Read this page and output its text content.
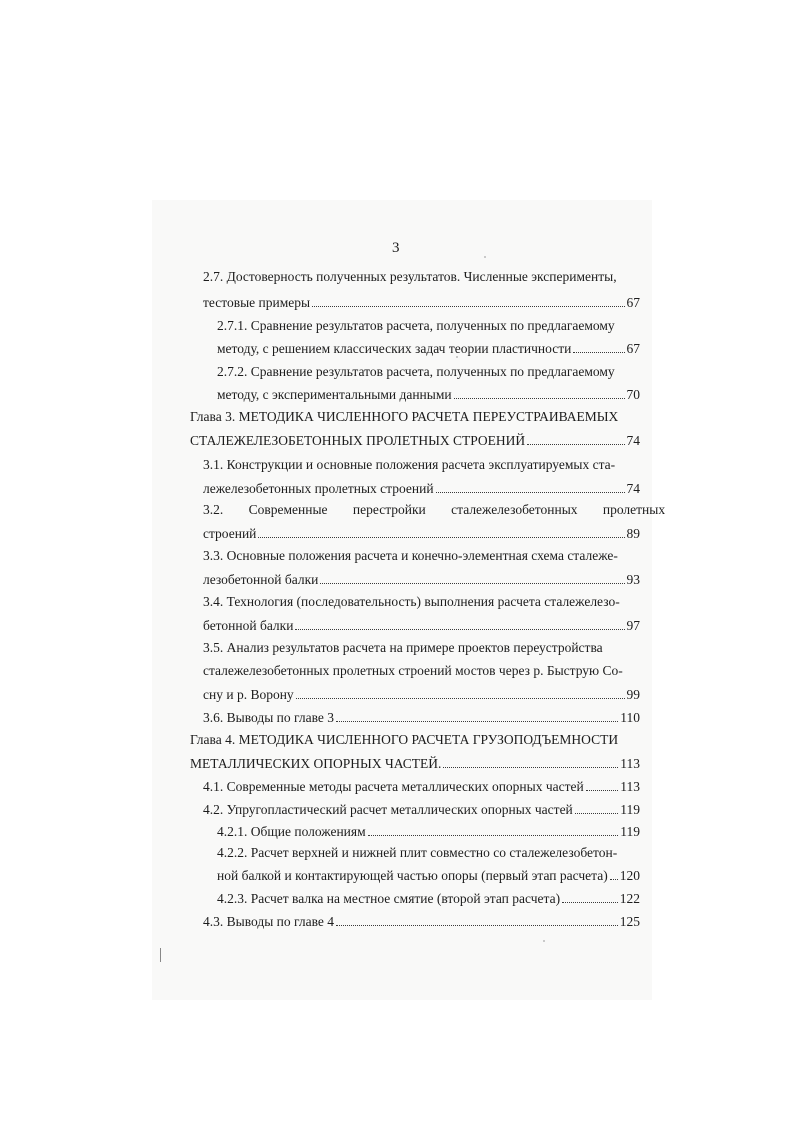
3
2.7. Достоверность полученных результатов. Численные эксперименты,
тестовые примеры	67
2.7.1. Сравнение результатов расчета, полученных по предлагаемому
методу, с решением классических задач теории пластичности	67
2.7.2. Сравнение результатов расчета, полученных по предлагаемому
методу, с экспериментальными данными	70
Глава 3. МЕТОДИКА ЧИСЛЕННОГО РАСЧЕТА ПЕРЕУСТРАИВАЕМЫХ
СТАЛЕЖЕЛЕЗОБЕТОННЫХ ПРОЛЕТНЫХ СТРОЕНИЙ	74
3.1. Конструкции и основные положения расчета эксплуатируемых ста-
лежелезобетонных пролетных строений	74
3.2. Современные перестройки сталежелезобетонных пролетных
строений	89
3.3. Основные положения расчета и конечно-элементная схема сталеже-
лезобетонной балки	93
3.4. Технология (последовательность) выполнения расчета сталежелезо-
бетонной балки	97
3.5. Анализ результатов расчета на примере проектов переустройства
сталежелезобетонных пролетных строений мостов через р. Быструю Со-
сну и р. Ворону	99
3.6. Выводы по главе 3	110
Глава 4. МЕТОДИКА ЧИСЛЕННОГО РАСЧЕТА ГРУЗОПОДЪЕМНОСТИ
МЕТАЛЛИЧЕСКИХ ОПОРНЫХ ЧАСТЕЙ.	113
4.1. Современные методы расчета металлических опорных частей	113
4.2. Упругопластический расчет металлических опорных частей	119
4.2.1. Общие положениям	119
4.2.2. Расчет верхней и нижней плит совместно со сталежелезобетон-
ной балкой и контактирующей частью опоры (первый этап расчета) 120
4.2.3. Расчет валка на местное смятие (второй этап расчета)	122
4.3. Выводы по главе 4	125
